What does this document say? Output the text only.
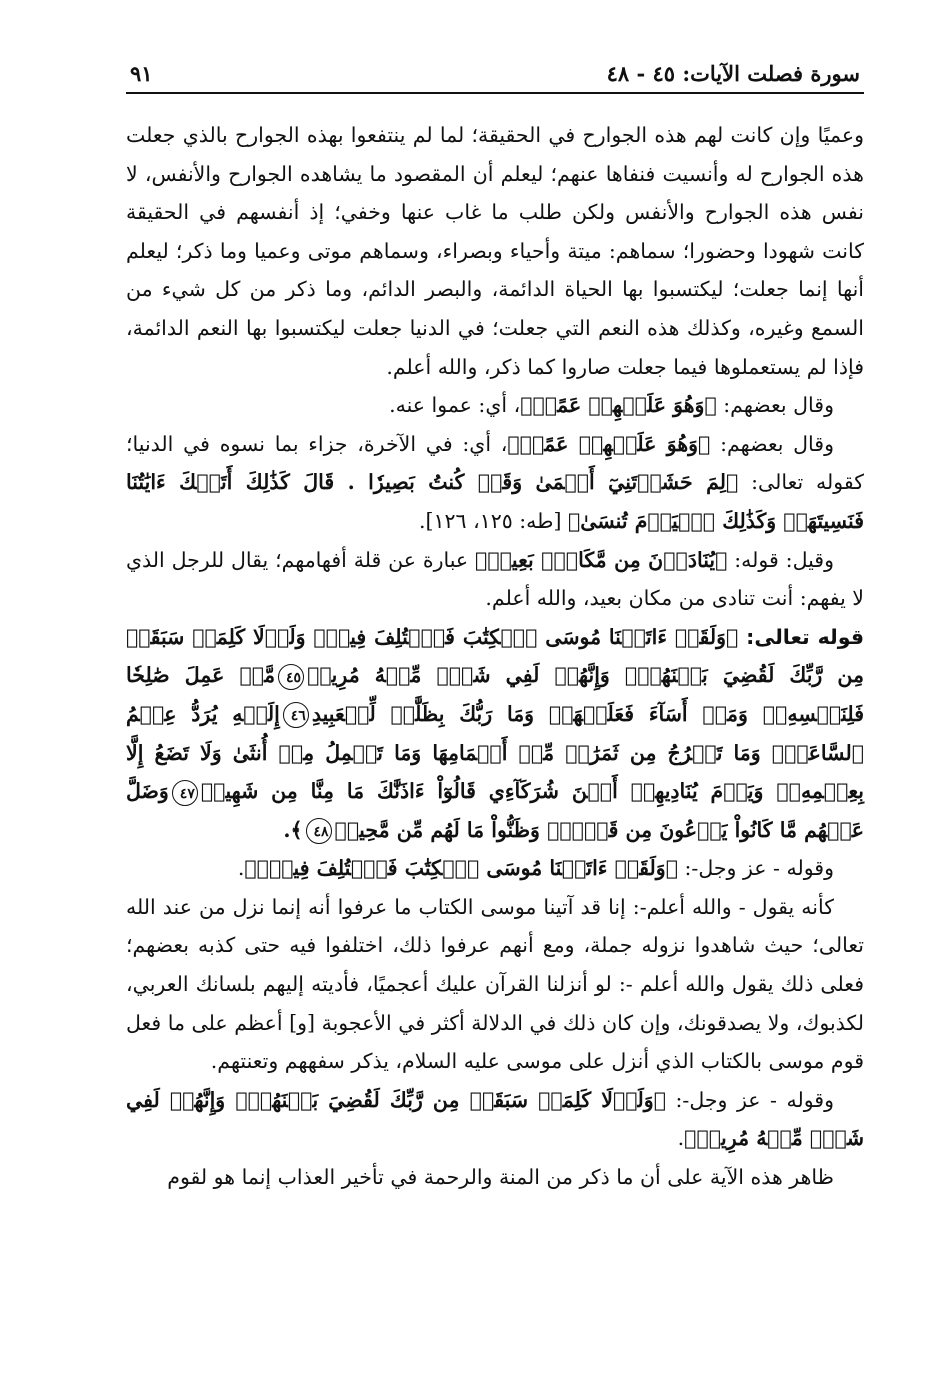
سورة فصلت الآيات: ٤٥ - ٤٨
٩١

وعميًا وإن كانت لهم هذه الجوارح في الحقيقة؛ لما لم ينتفعوا بهذه الجوارح بالذي جعلت هذه الجوارح له وأنسيت فنفاها عنهم؛ ليعلم أن المقصود ما يشاهده الجوارح والأنفس، لا نفس هذه الجوارح والأنفس ولكن طلب ما غاب عنها وخفي؛ إذ أنفسهم في الحقيقة كانت شهودا وحضورا؛ سماهم: ميتة وأحياء وبصراء، وسماهم موتى وعميا وما ذكر؛ ليعلم أنها إنما جعلت؛ ليكتسبوا بها الحياة الدائمة، والبصر الدائم، وما ذكر من كل شيء من السمع وغيره، وكذلك هذه النعم التي جعلت؛ في الدنيا جعلت ليكتسبوا بها النعم الدائمة، فإذا لم يستعملوها فيما جعلت صاروا كما ذكر، والله أعلم.

وقال بعضهم: ﴿وَهُوَ عَلَيۡهِمۡ عَمًىۚ﴾، أي: عموا عنه.

وقال بعضهم: ﴿وَهُوَ عَلَيۡهِمۡ عَمًىۚ﴾، أي: في الآخرة، جزاء بما نسوه في الدنيا؛ كقوله تعالى: ﴿لِمَ حَشَرۡتَنِيٓ أَعۡمَىٰ وَقَدۡ كُنتُ بَصِيرٗا . قَالَ كَذَٰلِكَ أَتَتۡكَ ءَايَٰتُنَا فَنَسِيتَهَاۖ وَكَذَٰلِكَ ٱلۡيَوۡمَ تُنسَىٰ﴾ [طه: ١٢٥، ١٢٦].

وقيل: قوله: ﴿يُنَادَوۡنَ مِن مَّكَانِۭ بَعِيدٖ﴾ عبارة عن قلة أفهامهم؛ يقال للرجل الذي لا يفهم: أنت تنادى من مكان بعيد، والله أعلم.

قوله تعالى: ﴿وَلَقَدۡ ءَاتَيۡنَا مُوسَى ٱلۡكِتَٰبَ فَٱخۡتُلِفَ فِيهِۗ وَلَوۡلَا كَلِمَةٞ سَبَقَتۡ مِن رَّبِّكَ لَقُضِيَ بَيۡنَهُمۡۚ وَإِنَّهُمۡ لَفِي شَكّٖ مِّنۡهُ مُرِيبٖ٤٥مَّنۡ عَمِلَ صَٰلِحٗا فَلِنَفۡسِهِۦۖ وَمَنۡ أَسَآءَ فَعَلَيۡهَاۗ وَمَا رَبُّكَ بِظَلَّٰمٖ لِّلۡعَبِيدِ٤٦إِلَيۡهِ يُرَدُّ عِلۡمُ ٱلسَّاعَةِۚ وَمَا تَخۡرُجُ مِن ثَمَرَٰتٖ مِّنۡ أَكۡمَامِهَا وَمَا تَحۡمِلُ مِنۡ أُنثَىٰ وَلَا تَضَعُ إِلَّا بِعِلۡمِهِۦۚ وَيَوۡمَ يُنَادِيهِمۡ أَيۡنَ شُرَكَآءِي قَالُوٓاْ ءَاذَنَّٰكَ مَا مِنَّا مِن شَهِيدٖ٤٧وَضَلَّ عَنۡهُم مَّا كَانُواْ يَدۡعُونَ مِن قَبۡلُۖ وَظَنُّواْ مَا لَهُم مِّن مَّحِيصٖ٤٨﴾.

وقوله - عز وجل-: ﴿وَلَقَدۡ ءَاتَيۡنَا مُوسَى ٱلۡكِتَٰبَ فَٱخۡتُلِفَ فِيهِۗ﴾.

كأنه يقول - والله أعلم-: إنا قد آتينا موسى الكتاب ما عرفوا أنه إنما نزل من عند الله تعالى؛ حيث شاهدوا نزوله جملة، ومع أنهم عرفوا ذلك، اختلفوا فيه حتى كذبه بعضهم؛ فعلى ذلك يقول والله أعلم -: لو أنزلنا القرآن عليك أعجميًا، فأديته إليهم بلسانك العربي، لكذبوك، ولا يصدقونك، وإن كان ذلك في الدلالة أكثر في الأعجوبة [و] أعظم على ما فعل قوم موسى بالكتاب الذي أنزل على موسى عليه السلام، يذكر سفههم وتعنتهم.

وقوله - عز وجل-: ﴿وَلَوۡلَا كَلِمَةٞ سَبَقَتۡ مِن رَّبِّكَ لَقُضِيَ بَيۡنَهُمۡۚ وَإِنَّهُمۡ لَفِي شَكّٖ مِّنۡهُ مُرِيبٖ﴾.

ظاهر هذه الآية على أن ما ذكر من المنة والرحمة في تأخير العذاب إنما هو لقوم
